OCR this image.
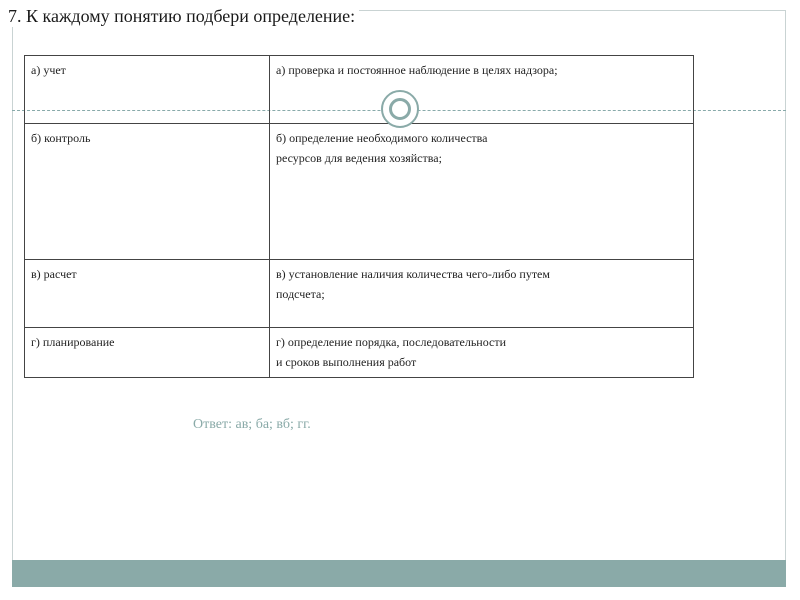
7. К каждому понятию подбери определение:
а) учет	а) проверка и постоянное наблюдение в целях надзора;

б) контроль	б) определение необходимого количества
ресурсов для ведения хозяйства;

в) расчет	в) установление наличия количества чего-либо путем
подсчета;

г) планирование	г) определение порядка, последовательности
и сроков выполнения работ
Ответ: ав; ба; вб; гг.
